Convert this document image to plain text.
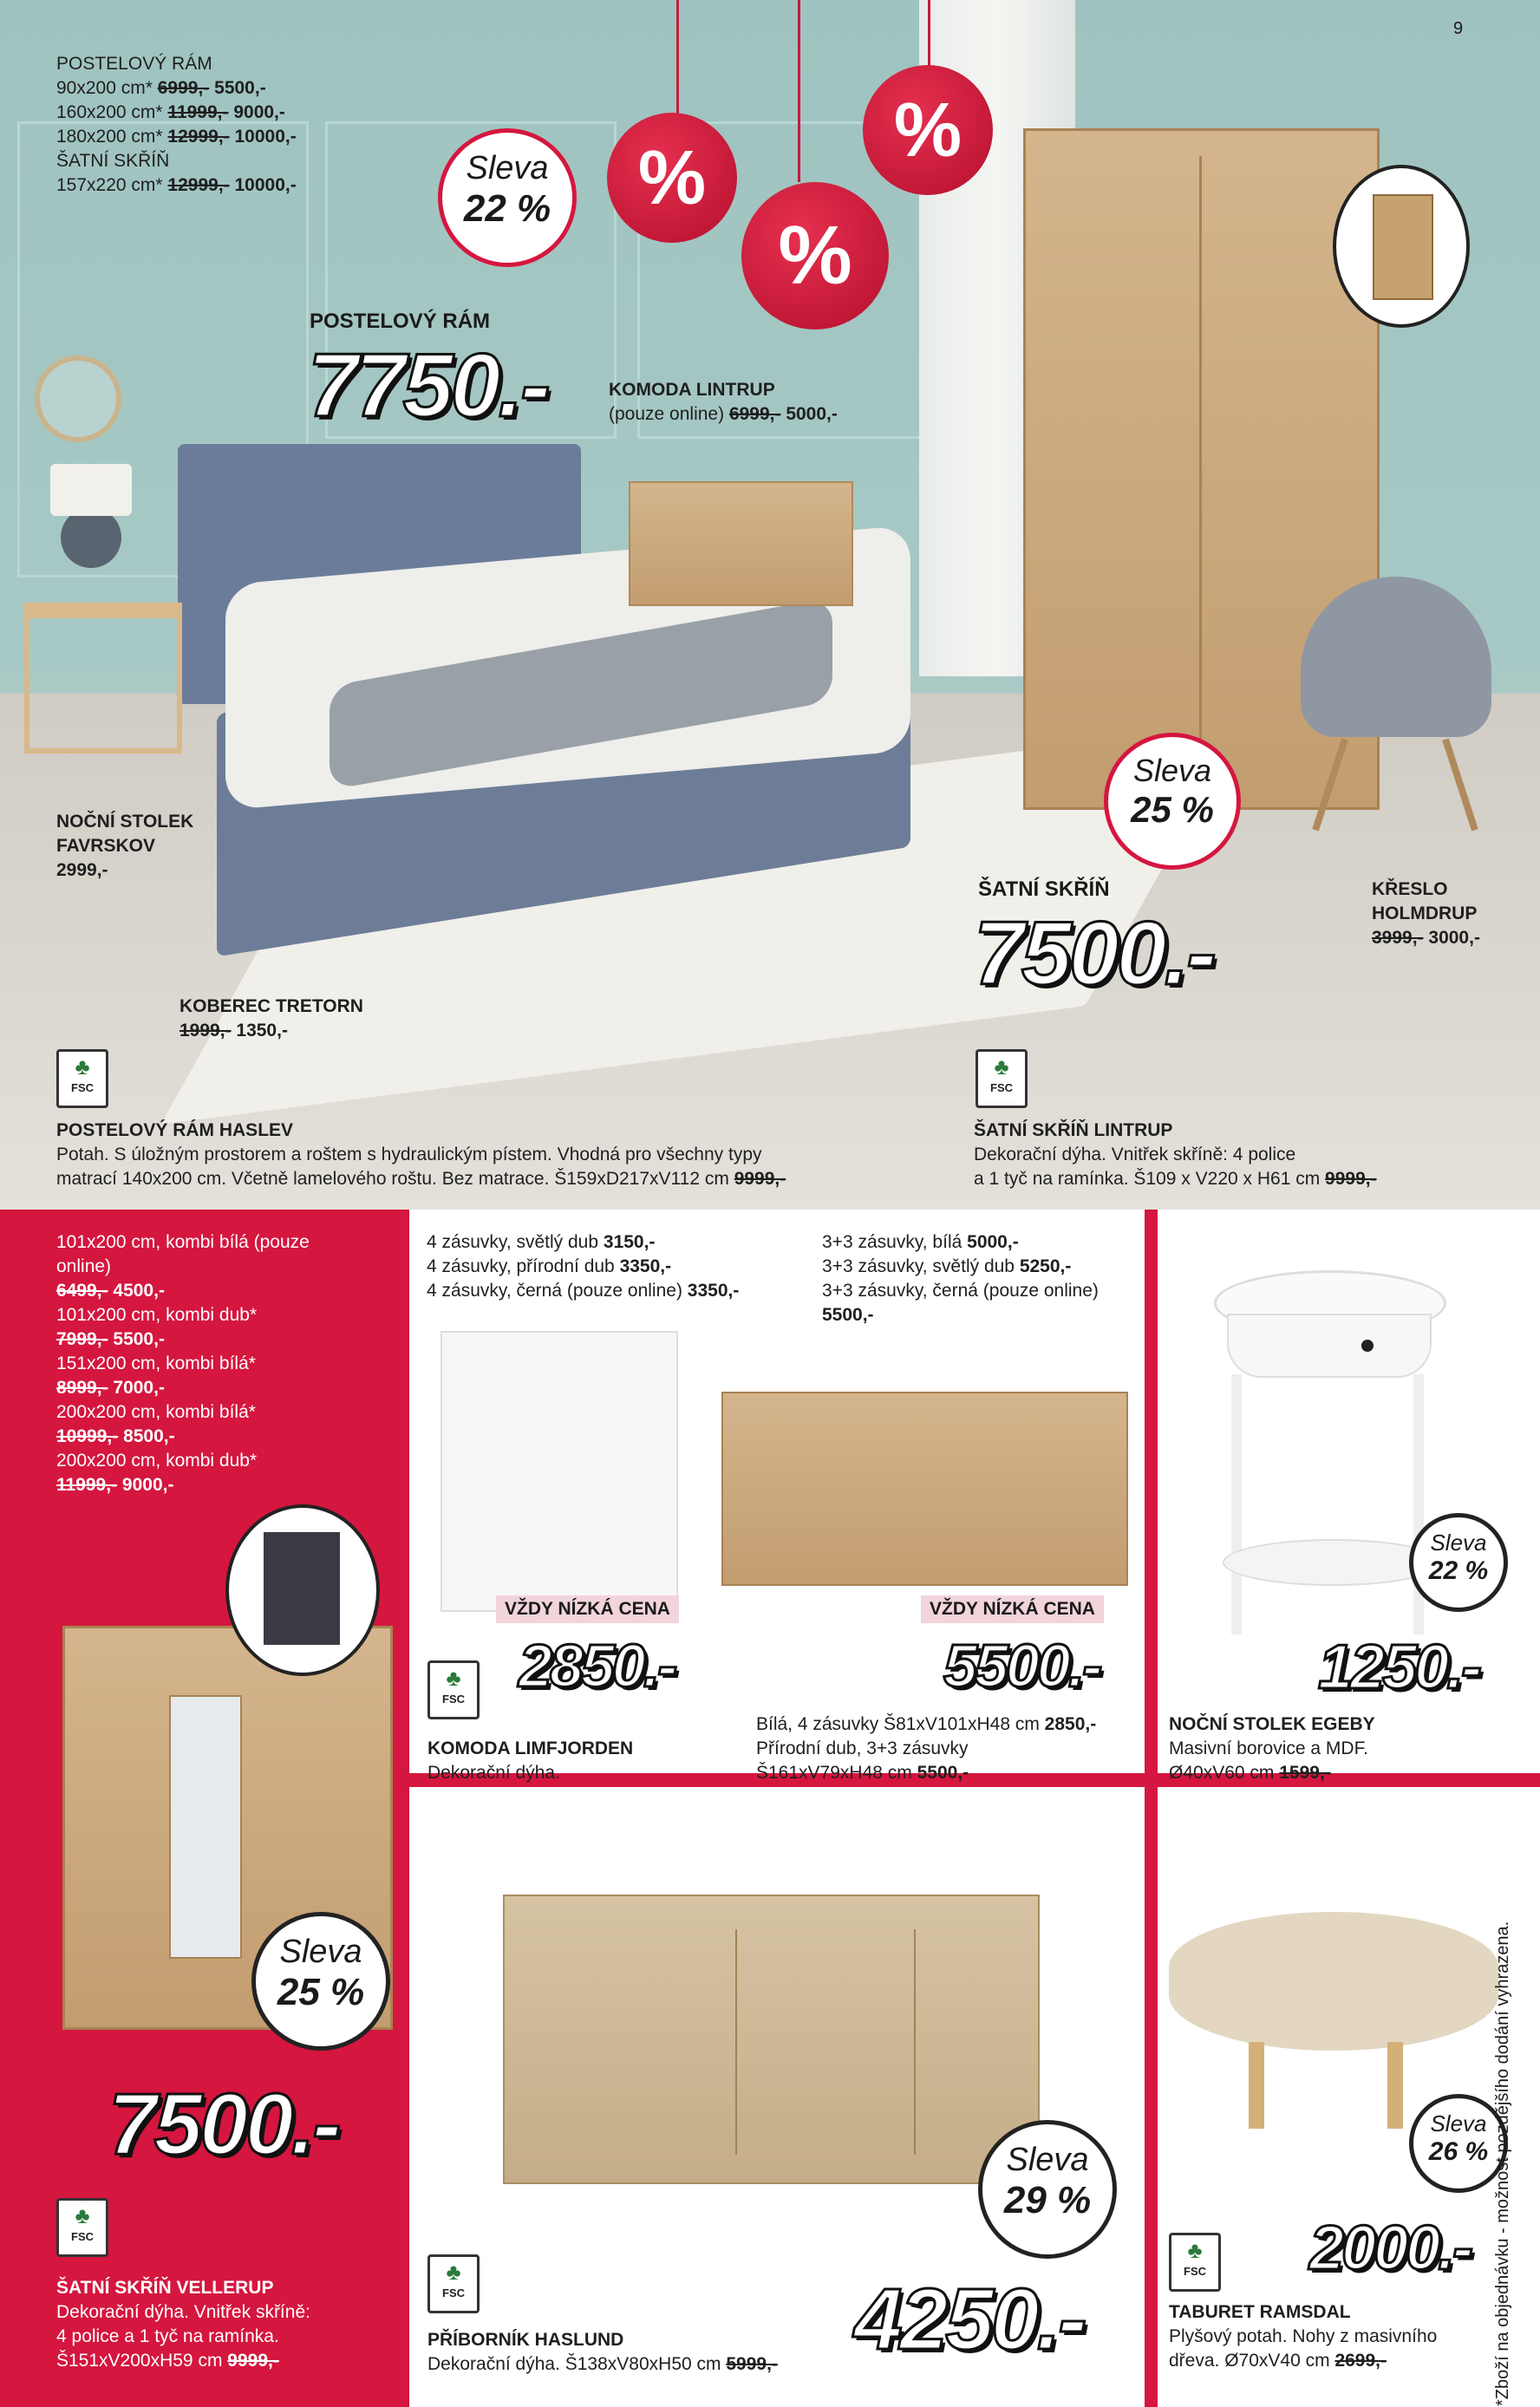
%
%
%
9
POSTELOVÝ RÁM
90x200 cm* 6999,- 5500,-
160x200 cm* 11999,- 9000,-
180x200 cm* 12999,- 10000,-
ŠATNÍ SKŘÍŇ
157x220 cm* 12999,- 10000,-	Sleva
22 %
POSTELOVÝ RÁM
7750.-	KOMODA LINTRUP
(pouze online) 6999,- 5000,-
NOČNÍ STOLEK
FAVRSKOV
2999,-
KOBEREC TRETORN
1999,- 1350,-
Sleva
25 %
ŠATNÍ SKŘÍŇ
7500.-
KŘESLO
HOLMDRUP
3999,- 3000,-
♣
FSC
♣
FSC
POSTELOVÝ RÁM HASLEV
Potah. S úložným prostorem a roštem s hydraulickým pístem. Vhodná pro všechny typy
matrací 140x200 cm. Včetně lamelového roštu. Bez matrace. Š159xD217xV112 cm 9999,-
ŠATNÍ SKŘÍŇ LINTRUP
Dekorační dýha. Vnitřek skříně: 4 police
a 1 tyč na ramínka. Š109 x V220 x H61 cm 9999,-
101x200 cm, kombi bílá (pouze online)
6499,- 4500,-
101x200 cm, kombi dub*
7999,- 5500,-
151x200 cm, kombi bílá*
8999,- 7000,-
200x200 cm, kombi bílá*
10999,- 8500,-
200x200 cm, kombi dub*
11999,- 9000,-
Sleva
25 %
7500.-
♣
FSC
ŠATNÍ SKŘÍŇ VELLERUP
Dekorační dýha. Vnitřek skříně:
4 police a 1 tyč na ramínka.
Š151xV200xH59 cm 9999,-
4 zásuvky, světlý dub 3150,-
4 zásuvky, přírodní dub 3350,-
4 zásuvky, černá (pouze online) 3350,-
3+3 zásuvky, bílá 5000,-
3+3 zásuvky, světlý dub 5250,-
3+3 zásuvky, černá (pouze online) 5500,-
VŽDY NÍZKÁ CENA	VŽDY NÍZKÁ CENA
2850.-	5500.-
♣
FSC
KOMODA LIMFJORDEN
Dekorační dýha.
Bílá, 4 zásuvky Š81xV101xH48 cm 2850,-
Přírodní dub, 3+3 zásuvky
Š161xV79xH48 cm 5500,-
Sleva
22 %
1250.-
NOČNÍ STOLEK EGEBY
Masivní borovice a MDF.
Ø40xV60 cm 1599,-
Sleva
29 %
4250.-
♣
FSC
PŘÍBORNÍK HASLUND
Dekorační dýha. Š138xV80xH50 cm 5999,-
Sleva
26 %
2000.-
♣
FSC
TABURET RAMSDAL
Plyšový potah. Nohy z masivního
dřeva. Ø70xV40 cm 2699,-	*Zboží na objednávku - možnost pozdějšího dodání vyhrazena.
